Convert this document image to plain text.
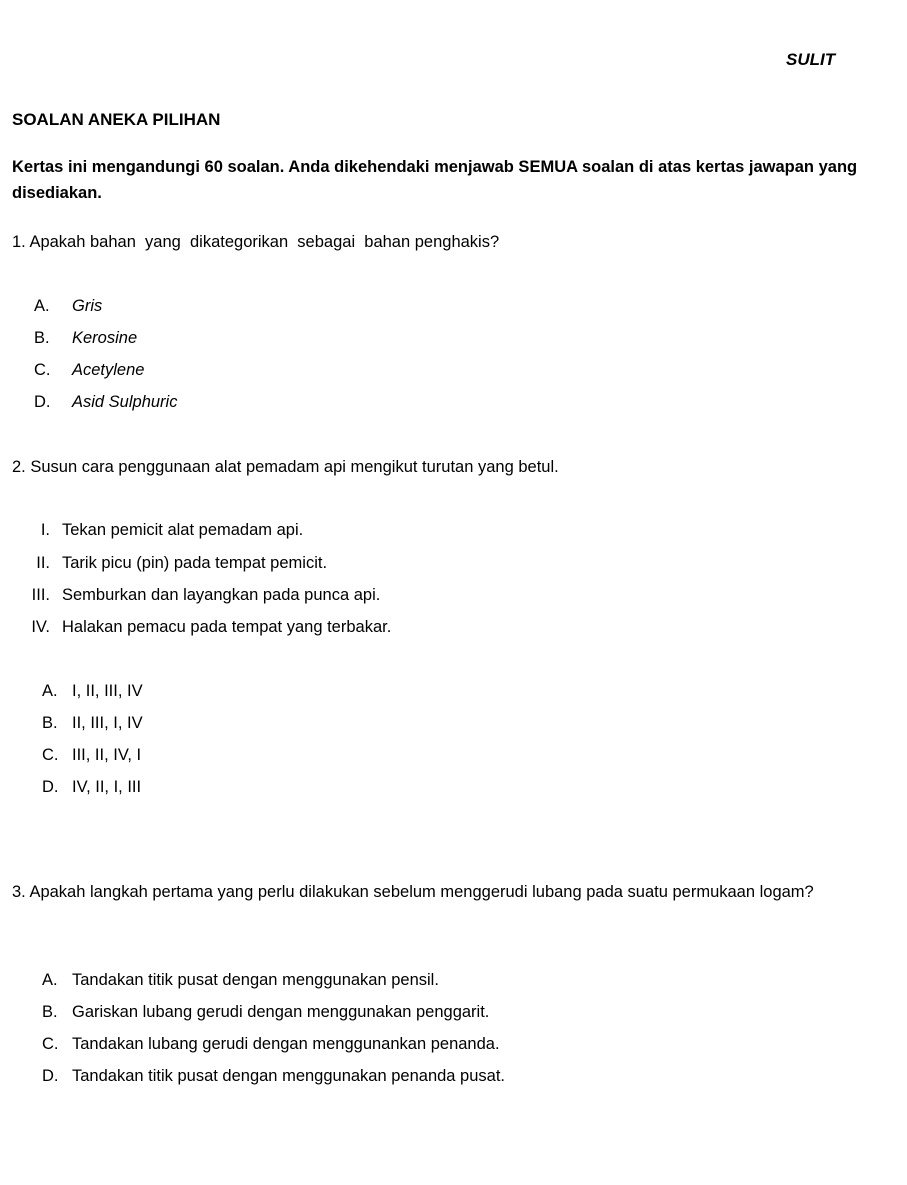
SULIT
SOALAN ANEKA PILIHAN
Kertas ini mengandungi 60 soalan. Anda dikehendaki menjawab SEMUA soalan di atas kertas jawapan yang disediakan.
1. Apakah bahan  yang  dikategorikan  sebagai  bahan penghakis?
A. Gris
B. Kerosine
C. Acetylene
D. Asid Sulphuric
2. Susun cara penggunaan alat pemadam api mengikut turutan yang betul.
I. Tekan pemicit alat pemadam api.
II. Tarik picu (pin) pada tempat pemicit.
III. Semburkan dan layangkan pada punca api.
IV. Halakan pemacu pada tempat yang terbakar.
A. I, II, III, IV
B. II, III, I, IV
C. III, II, IV, I
D. IV, II, I, III
3. Apakah langkah pertama yang perlu dilakukan sebelum menggerudi lubang pada suatu permukaan logam?
A. Tandakan titik pusat dengan menggunakan pensil.
B. Gariskan lubang gerudi dengan menggunakan penggarit.
C. Tandakan lubang gerudi dengan menggunankan penanda.
D. Tandakan titik pusat dengan menggunakan penanda pusat.
